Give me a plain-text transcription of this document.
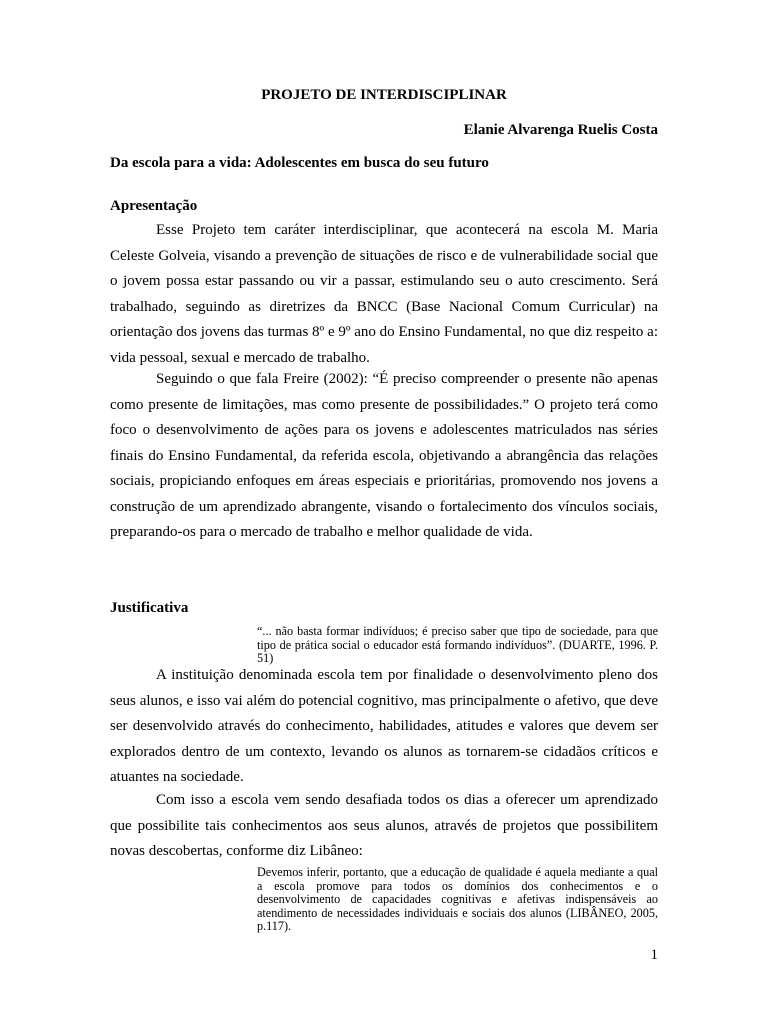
PROJETO DE INTERDISCIPLINAR

Elanie Alvarenga Ruelis Costa

Da escola para a vida: Adolescentes em busca do seu futuro

Apresentação

Esse Projeto tem caráter interdisciplinar, que acontecerá na escola M. Maria Celeste Golveia, visando a prevenção de situações de risco e de vulnerabilidade social que o jovem possa estar passando ou vir a passar, estimulando seu o auto crescimento. Será trabalhado, seguindo as diretrizes da BNCC (Base Nacional Comum Curricular) na orientação dos jovens das turmas 8º e 9º ano do Ensino Fundamental, no que diz respeito a: vida pessoal, sexual e mercado de trabalho.

Seguindo o que fala Freire (2002): “É preciso compreender o presente não apenas como presente de limitações, mas como presente de possibilidades.” O projeto terá como foco o desenvolvimento de ações para os jovens e adolescentes matriculados nas séries finais do Ensino Fundamental, da referida escola, objetivando a abrangência das relações sociais, propiciando enfoques em áreas especiais e prioritárias, promovendo nos jovens a construção de um aprendizado abrangente, visando o fortalecimento dos vínculos sociais, preparando-os para o mercado de trabalho e melhor qualidade de vida.

Justificativa

“... não basta formar indivíduos; é preciso saber que tipo de sociedade, para que tipo de prática social o educador está formando indivíduos”. (DUARTE, 1996. P. 51)

A instituição denominada escola tem por finalidade o desenvolvimento pleno dos seus alunos, e isso vai além do potencial cognitivo, mas principalmente o afetivo, que deve ser desenvolvido através do conhecimento, habilidades, atitudes e valores que devem ser explorados dentro de um contexto, levando os alunos as tornarem-se cidadãos críticos e atuantes na sociedade.

Com isso a escola vem sendo desafiada todos os dias a oferecer um aprendizado que possibilite tais conhecimentos aos seus alunos, através de projetos que possibilitem novas descobertas, conforme diz Libâneo:

Devemos inferir, portanto, que a educação de qualidade é aquela mediante a qual a escola promove para todos os domínios dos conhecimentos e o desenvolvimento de capacidades cognitivas e afetivas indispensáveis ao atendimento de necessidades individuais e sociais dos alunos (LIBÂNEO, 2005, p.117).

1
